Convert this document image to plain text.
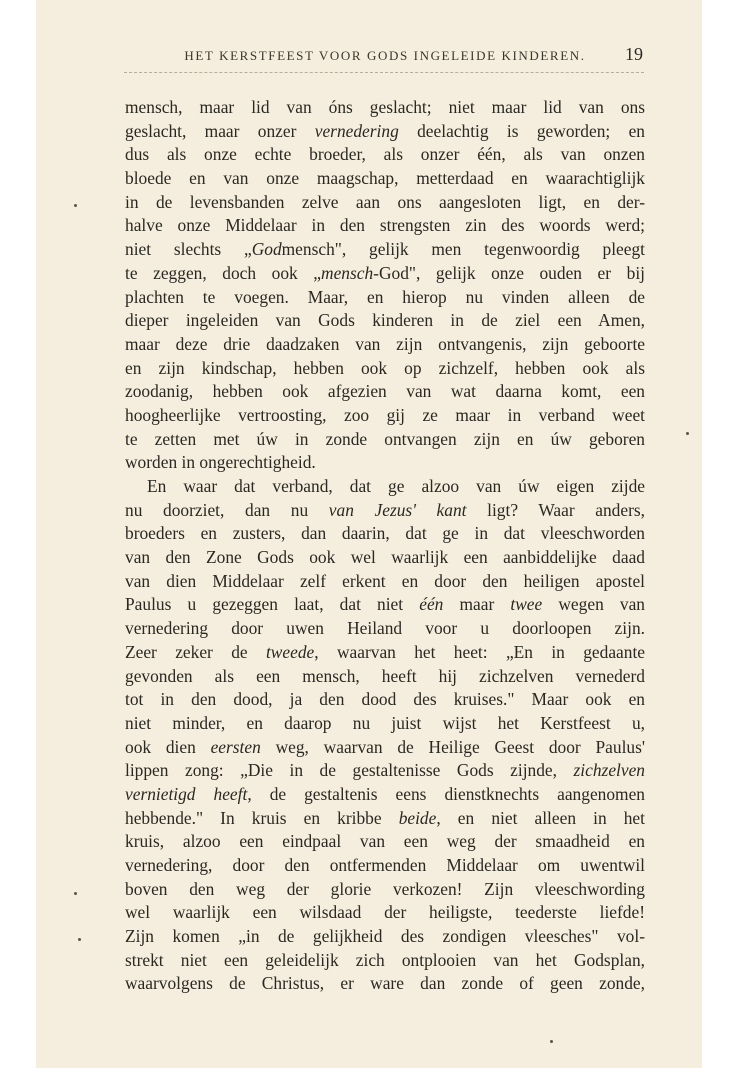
HET KERSTFEEST VOOR GODS INGELEIDE KINDEREN.	19
mensch, maar lid van óns geslacht; niet maar lid van ons
geslacht, maar onzer vernedering deelachtig is geworden; en
dus als onze echte broeder, als onzer één, als van onzen
bloede en van onze maagschap, metterdaad en waarachtiglijk
in de levensbanden zelve aan ons aangesloten ligt, en der-
halve onze Middelaar in den strengsten zin des woords werd;
niet slechts „Godmensch", gelijk men tegenwoordig pleegt
te zeggen, doch ook „mensch-God", gelijk onze ouden er bij
plachten te voegen. Maar, en hierop nu vinden alleen de
dieper ingeleiden van Gods kinderen in de ziel een Amen,
maar deze drie daadzaken van zijn ontvangenis, zijn geboorte
en zijn kindschap, hebben ook op zichzelf, hebben ook als
zoodanig, hebben ook afgezien van wat daarna komt, een
hoogheerlijke vertroosting, zoo gij ze maar in verband weet
te zetten met úw in zonde ontvangen zijn en úw geboren
worden in ongerechtigheid.
En waar dat verband, dat ge alzoo van úw eigen zijde
nu doorziet, dan nu van Jezus' kant ligt? Waar anders,
broeders en zusters, dan daarin, dat ge in dat vleeschworden
van den Zone Gods ook wel waarlijk een aanbiddelijke daad
van dien Middelaar zelf erkent en door den heiligen apostel
Paulus u gezeggen laat, dat niet één maar twee wegen van
vernedering door uwen Heiland voor u doorloopen zijn.
Zeer zeker de tweede, waarvan het heet: „En in gedaante
gevonden als een mensch, heeft hij zichzelven vernederd
tot in den dood, ja den dood des kruises." Maar ook en
niet minder, en daarop nu juist wijst het Kerstfeest u,
ook dien eersten weg, waarvan de Heilige Geest door Paulus'
lippen zong: „Die in de gestaltenisse Gods zijnde, zichzelven
vernietigd heeft, de gestaltenis eens dienstknechts aangenomen
hebbende." In kruis en kribbe beide, en niet alleen in het
kruis, alzoo een eindpaal van een weg der smaadheid en
vernedering, door den ontfermenden Middelaar om uwentwil
boven den weg der glorie verkozen! Zijn vleeschwording
wel waarlijk een wilsdaad der heiligste, teederste liefde!
Zijn komen „in de gelijkheid des zondigen vleesches" vol-
strekt niet een geleidelijk zich ontplooien van het Godsplan,
waarvolgens de Christus, er ware dan zonde of geen zonde,
